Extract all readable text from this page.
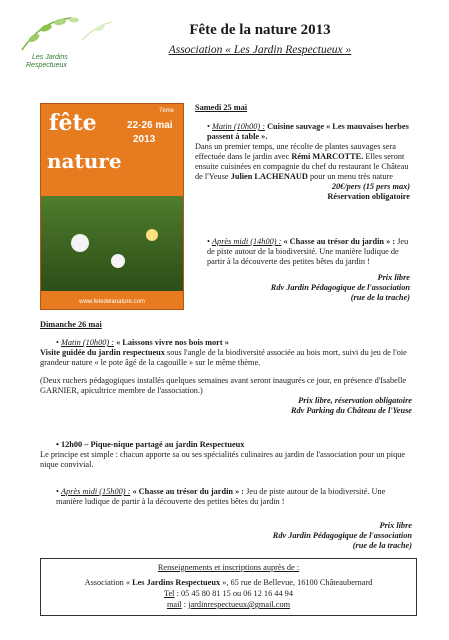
Les Jardins
Respectueux
Fête de la nature 2013
Association « Les Jardin Respectueux »
7ème
fête
nature
22-26 mai
2013
www.fetedelanature.com
Samedi 25 mai
• Matin (10h00) : Cuisine sauvage « Les mauvaises herbes passent à table ».
Dans un premier temps, une récolte de plantes sauvages sera effectuée dans le jardin avec Rémi MARCOTTE. Elles seront ensuite cuisinées en compagnie du chef du restaurant le Château de l'Yeuse Julien LACHENAUD pour un menu très nature
20€/pers (15 pers max)
Réservation obligatoire
• Après midi (14h00) : « Chasse au trésor du jardin » : Jeu de piste autour de la biodiversité. Une manière ludique de partir à la découverte des petites bêtes du jardin !
Prix libre
Rdv Jardin Pédagogique de l'association
(rue de la trache)
Dimanche 26 mai
• Matin (10h00) : « Laissons vivre nos bois mort »
Visite guidée du jardin respectueux sous l'angle de la biodiversité associée au bois mort, suivi du jeu de l'oie grandeur nature « le pote âgé de la cagouille » sur le même thème.
(Deux ruchers pédagogiques installés quelques semaines avant seront inaugurés ce jour, en présence d'Isabelle GARNIER, apicultrice membre de l'association.)
Prix libre, réservation obligatoire
Rdv Parking du Château de l'Yeuse
• 12h00 – Pique-nique partagé au jardin Respectueux
Le principe est simple : chacun apporte sa ou ses spécialités culinaires au jardin de l'association pour un pique nique convivial.
• Après midi (15h00) : « Chasse au trésor du jardin » : Jeu de piste autour de la biodiversité. Une manière ludique de partir à la découverte des petites bêtes du jardin !
Prix libre
Rdv Jardin Pédagogique de l'association
(rue de la trache)
Renseignements et inscriptions auprès de :
Association « Les Jardins Respectueux », 65 rue de Bellevue, 16100 Châteaubernard
Tel : 05 45 80 81 15 ou 06 12 16 44 94
mail : jardinrespectueux@gmail.com
